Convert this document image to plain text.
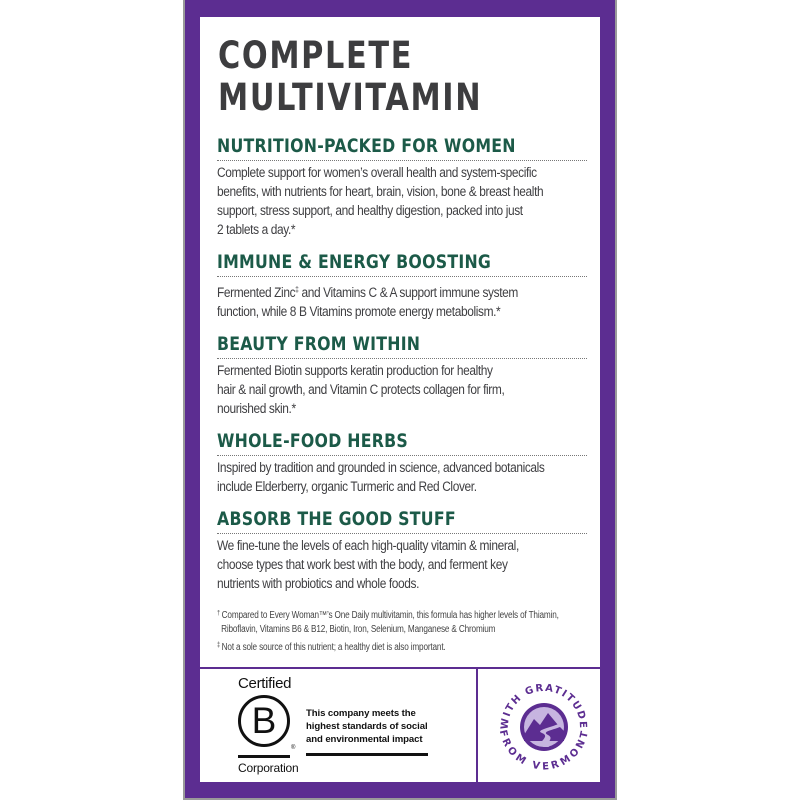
COMPLETE
MULTIVITAMIN
NUTRITION-PACKED FOR WOMEN

Complete support for women’s overall health and system-specific
benefits, with nutrients for heart, brain, vision, bone & breast health
support, stress support, and healthy digestion, packed into just
2 tablets a day.*

IMMUNE & ENERGY BOOSTING

Fermented Zinc‡ and Vitamins C & A support immune system
function, while 8 B Vitamins promote energy metabolism.*

BEAUTY FROM WITHIN

Fermented Biotin supports keratin production for healthy
hair & nail growth, and Vitamin C protects collagen for firm,
nourished skin.*

WHOLE-FOOD HERBS

Inspired by tradition and grounded in science, advanced botanicals
include Elderberry, organic Turmeric and Red Clover.

ABSORB THE GOOD STUFF

We fine-tune the levels of each high-quality vitamin & mineral,
choose types that work best with the body, and ferment key
nutrients with probiotics and whole foods.

† Compared to Every Woman™’s One Daily multivitamin, this formula has higher levels of Thiamin,
Riboflavin, Vitamins B6 & B12, Biotin, Iron, Selenium, Manganese & Chromium
‡ Not a sole source of this nutrient; a healthy diet is also important.
Certified
B
®
Corporation
This company meets the
highest standards of social
and environmental impact
WITH GRATITUDE
FROM VERMONT
